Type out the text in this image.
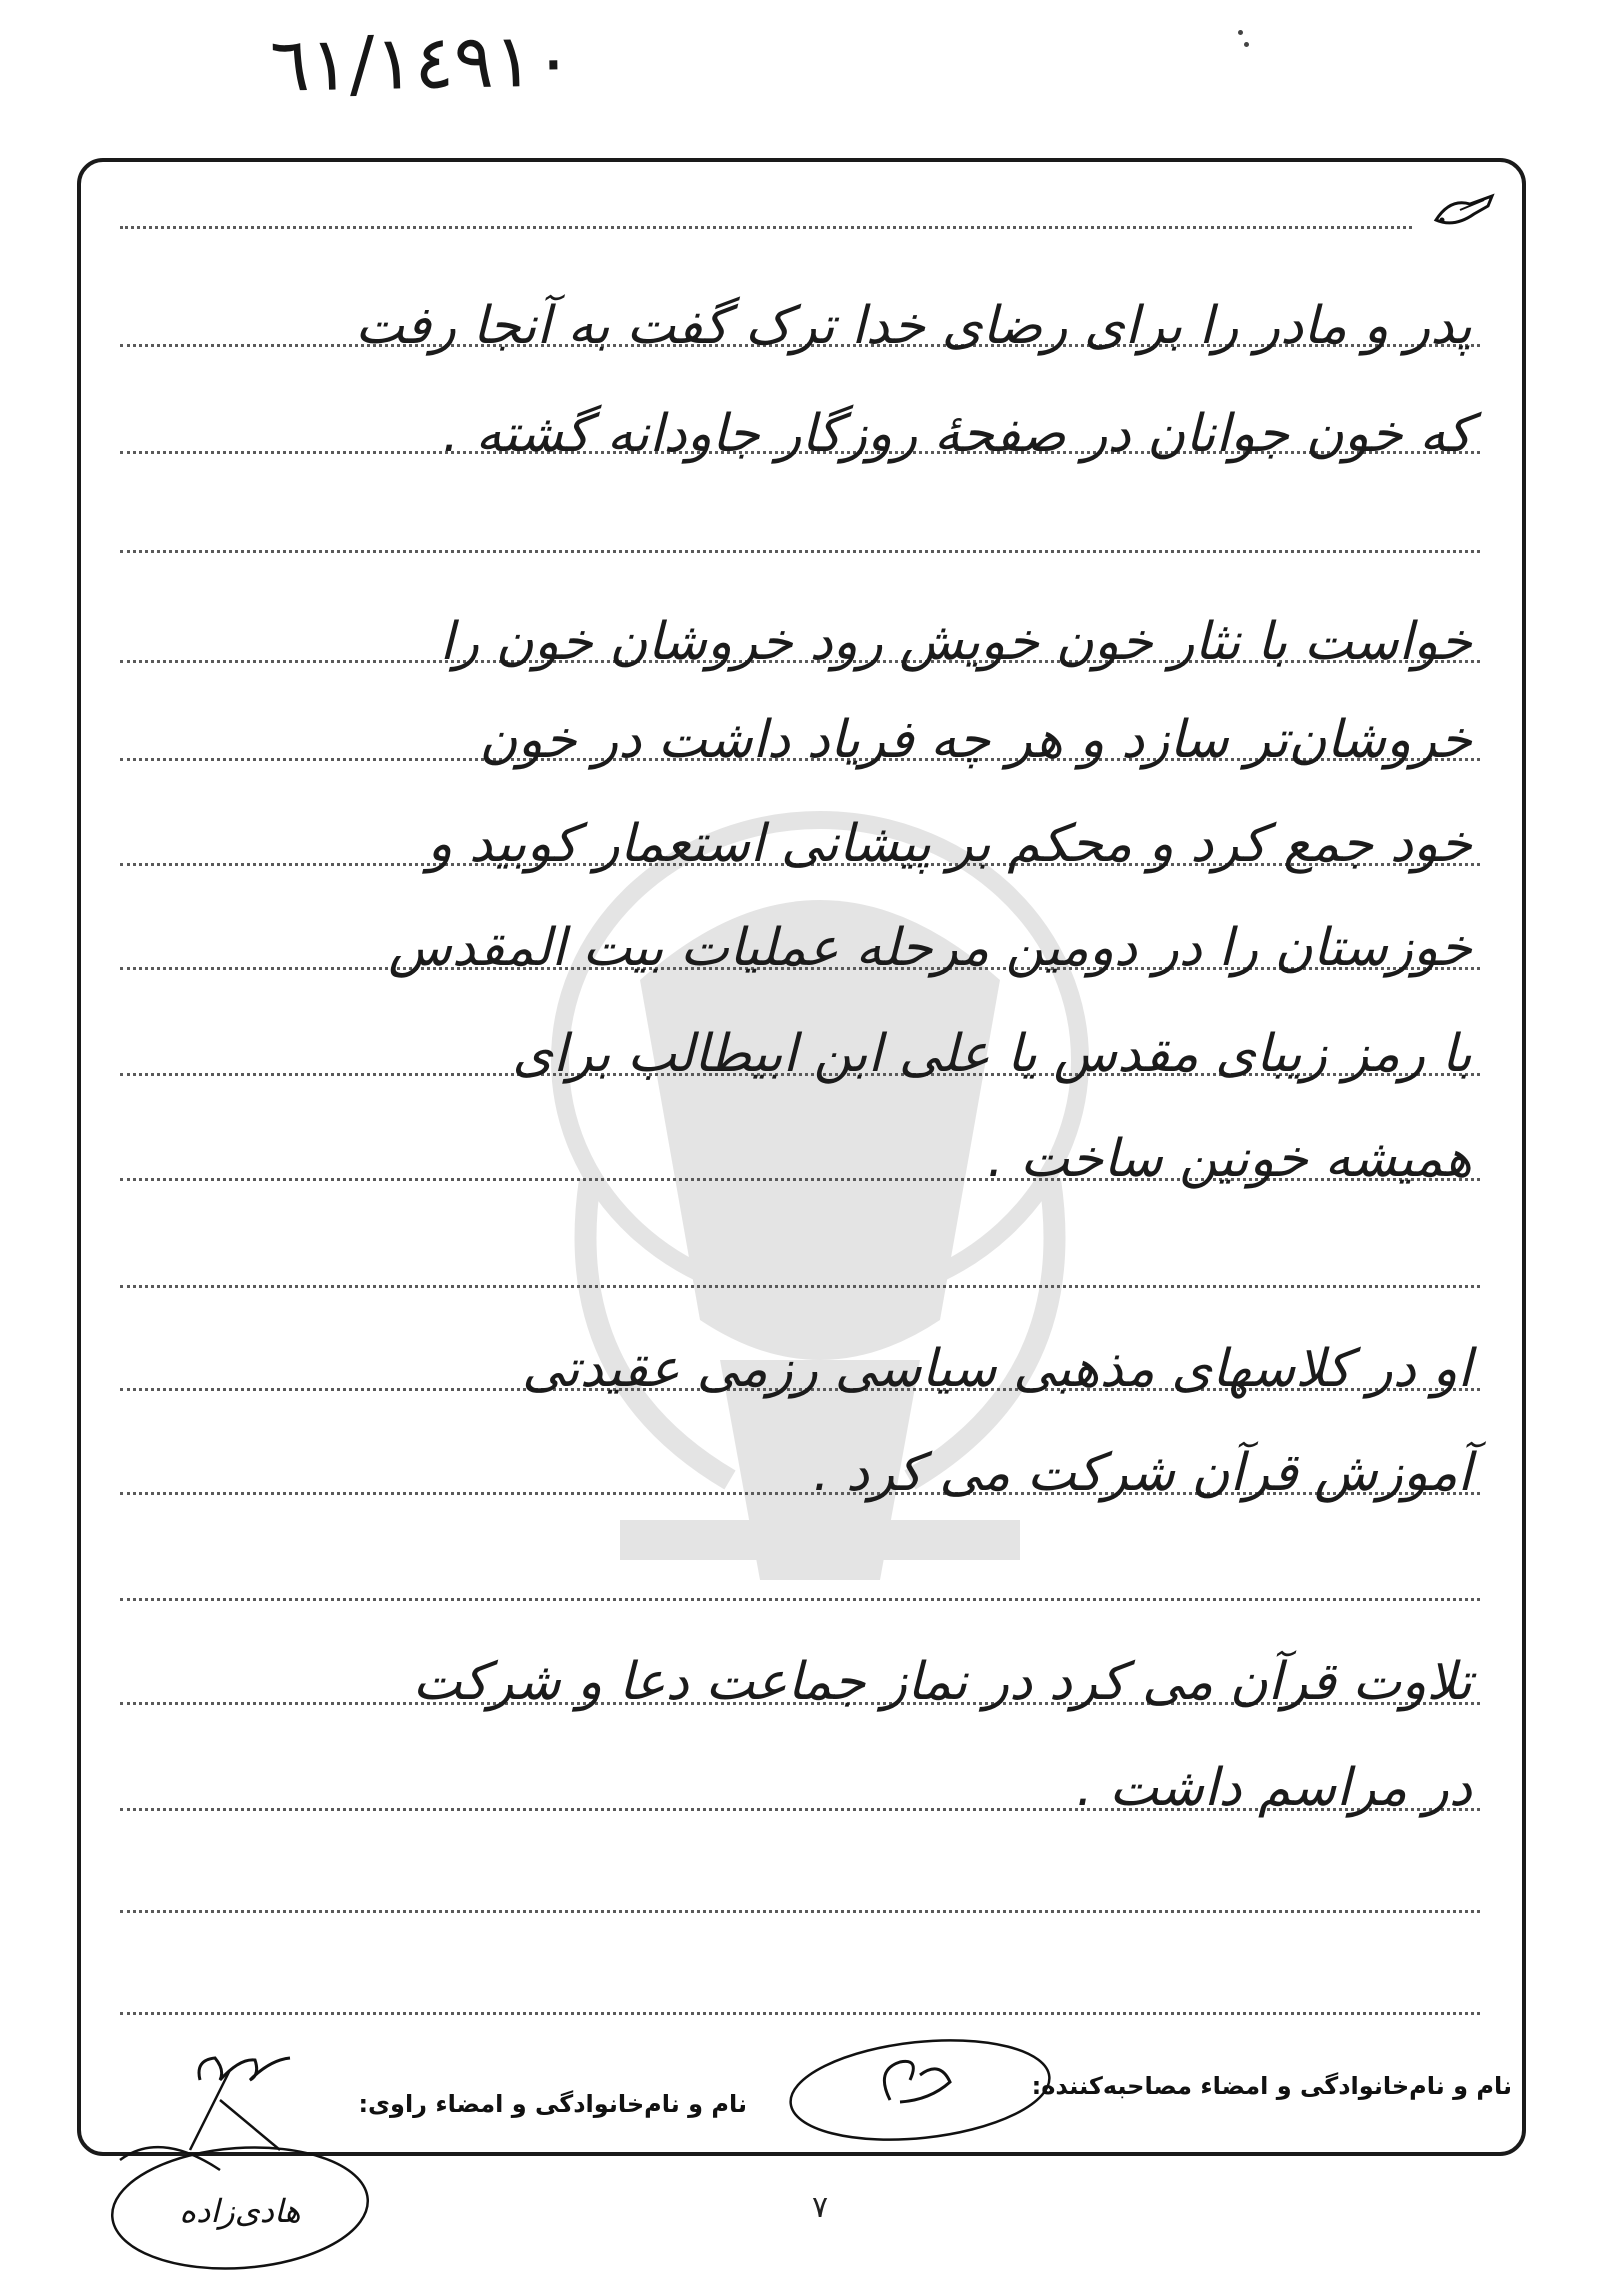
٦١/١٤٩١٠
پدر و مادر را برای رضای خدا ترک گفت به آنجا رفت
که خون جوانان در صفحهٔ روزگار جاودانه گشته .
خواست با نثار خون خویش رود خروشان خون را
خروشان‌تر سازد و هر چه فریاد داشت در خون
خود جمع کرد و محکم بر پیشانی استعمار کوبید و
خوزستان را در دومین مرحله عملیات بیت المقدس
با رمز زیبای مقدس یا علی ابن ابیطالب برای
همیشه خونین ساخت .
او در کلاسهای مذهبی سیاسی رزمی عقیدتی
آموزش قرآن شرکت می کرد .
تلاوت قرآن می کرد در نماز جماعت دعا و شرکت
در مراسم داشت .
نام و نام‌خانوادگی و امضاء مصاحبه‌کننده:
نام و نام‌خانوادگی و امضاء راوی:
هادی‌زاده	۷
